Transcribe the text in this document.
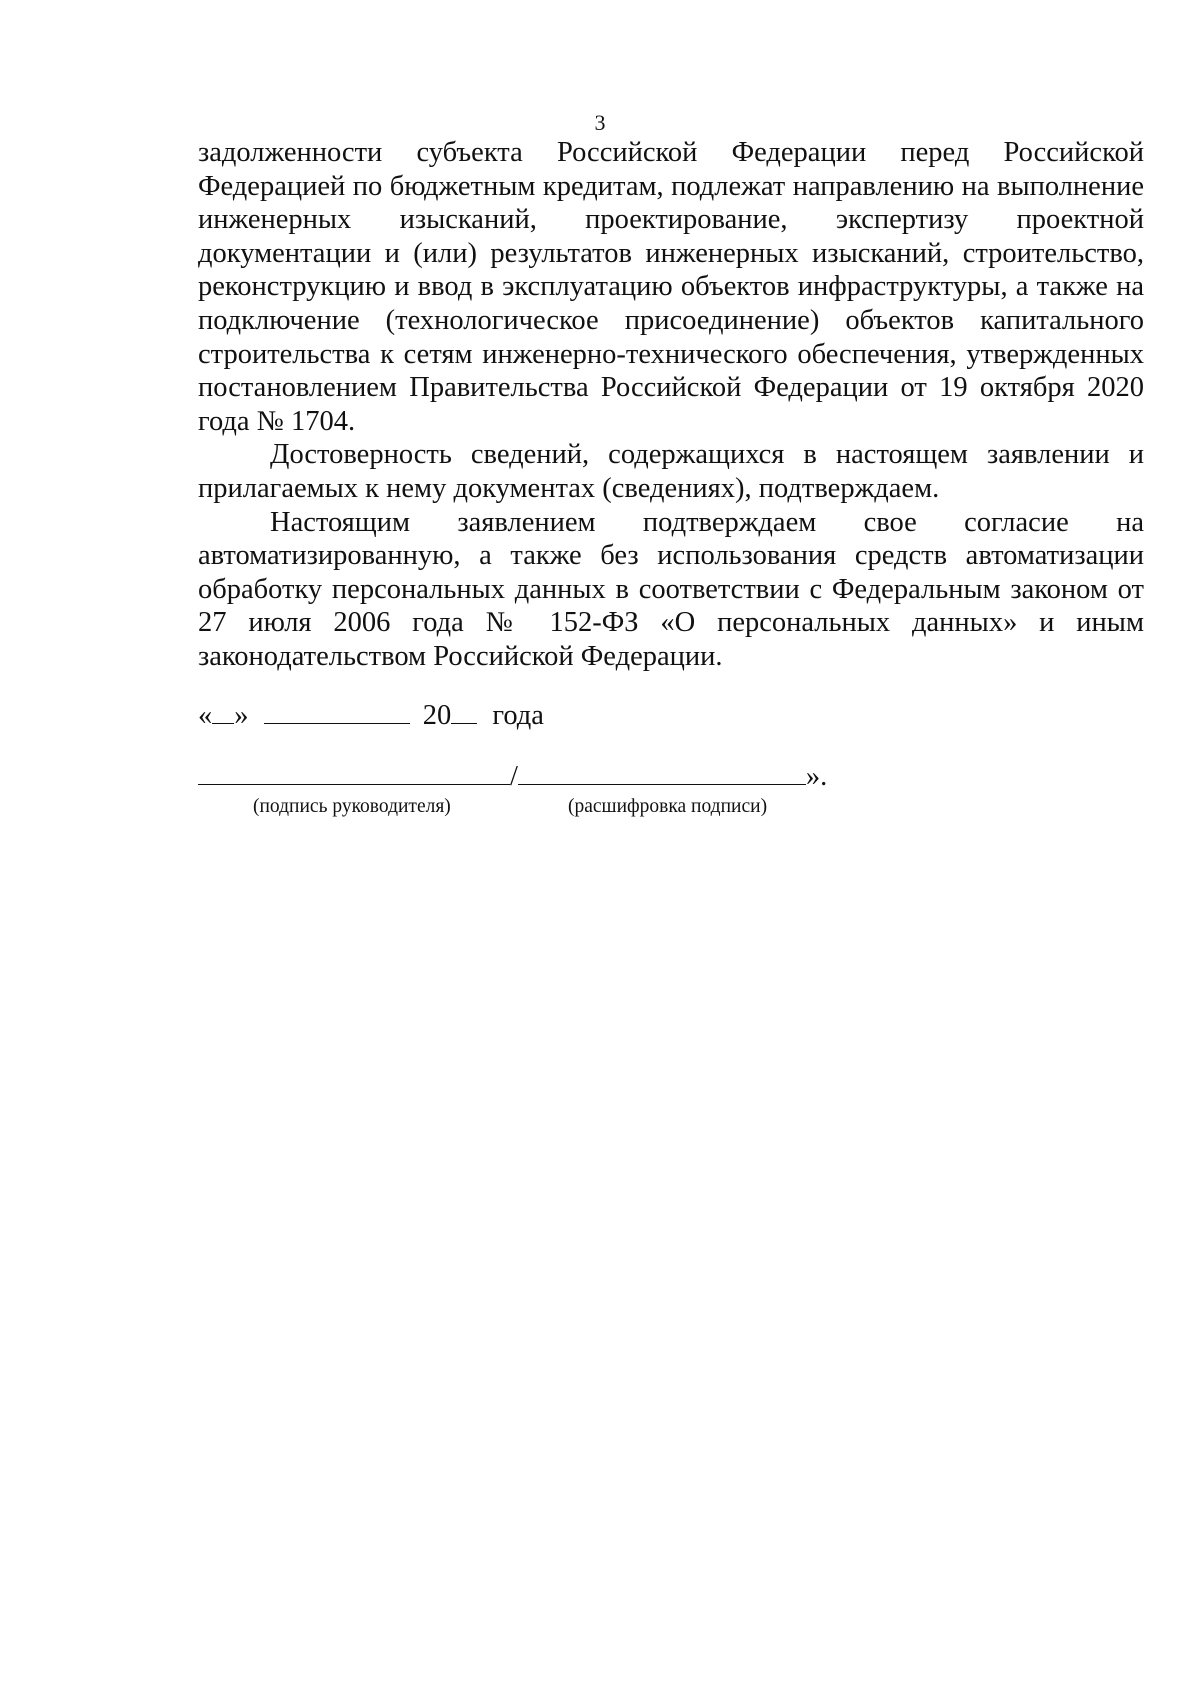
3

задолженности субъекта Российской Федерации перед Российской Федерацией по бюджетным кредитам, подлежат направлению на выполнение инженерных изысканий, проектирование, экспертизу проектной документации и (или) результатов инженерных изысканий, строительство, реконструкцию и ввод в эксплуатацию объектов инфраструктуры, а также на подключение (технологическое присоединение) объектов капитального строительства к сетям инженерно-технического обеспечения, утвержденных постановлением Правительства Российской Федерации от 19 октября 2020 года № 1704.

Достоверность сведений, содержащихся в настоящем заявлении и прилагаемых к нему документах (сведениях), подтверждаем.

Настоящим заявлением подтверждаем свое согласие на автоматизированную, а также без использования средств автоматизации обработку персональных данных в соответствии с Федеральным законом от 27 июля 2006 года № 152-ФЗ «О персональных данных» и иным законодательством Российской Федерации.

« »	20 года
/	».
(подпись руководителя)	(расшифровка подписи)
